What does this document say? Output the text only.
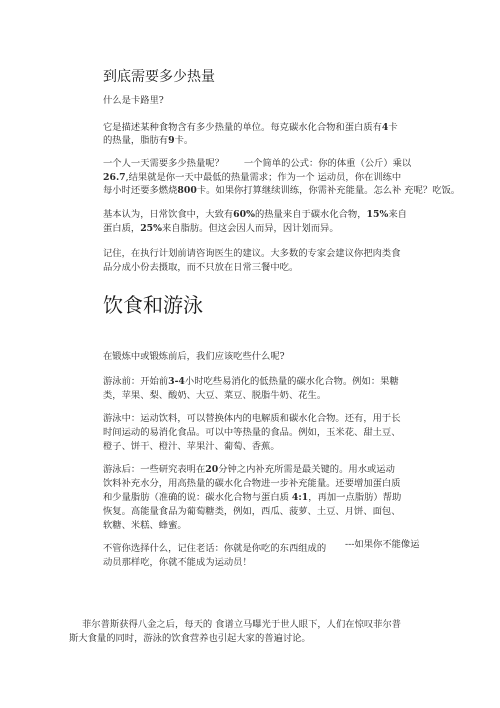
到底需要多少热量
什么是卡路里?
它是描述某种食物含有多少热量的单位。每克碳水化合物和蛋白质有4卡
的热量，脂肪有9卡。
一个人一天需要多少热量呢？ 一个简单的公式：你的体重（公斤）乘以
26.7,结果就是你一天中最低的热量需求；作为一个 运动员，你在训练中
每小时还要多燃烧800卡。如果你打算继续训练，你需补充能量。怎么补 充呢？吃饭。
基本认为，日常饮食中，大致有60%的热量来自于碳水化合物，15%来自
蛋白质，25%来自脂肪。但这会因人而异，因计划而异。
记住，在执行计划前请咨询医生的建议。大多数的专家会建议你把肉类食
品分成小份去摄取，而不只放在日常三餐中吃。
饮食和游泳
在锻炼中或锻炼前后，我们应该吃些什么呢?
游泳前：开始前3-4小时吃些易消化的低热量的碳水化合物。例如：果糖
类，苹果、梨、酸奶、大豆、菜豆、脱脂牛奶、花生。
游泳中：运动饮料，可以替换体内的电解质和碳水化合物。还有，用于长
时间运动的易消化食品。可以中等热量的食品。例如，玉米花、甜土豆、
橙子、饼干、橙汁、苹果汁、葡萄、香蕉。
游泳后：一些研究表明在20分钟之内补充所需是最关键的。用水或运动
饮料补充水分，用高热量的碳水化合物进一步补充能量。还要增加蛋白质
和少量脂肪（准确的说：碳水化合物与蛋白质 4:1，再加一点脂肪）帮助
恢复。高能量食品为葡萄糖类，例如，西瓜、菠萝、土豆、月饼、面包、
软糖、米糕、蜂蜜。
不管你选择什么，记住老话：你就是你吃的东西组成的 ---如果你不能像运
动员那样吃，你就不能成为运动员！
菲尔普斯获得八金之后，每天的 食谱立马曝光于世人眼下，人们在惊叹菲尔普
斯大食量的同时，游泳的饮食营养也引起大家的普遍讨论。
